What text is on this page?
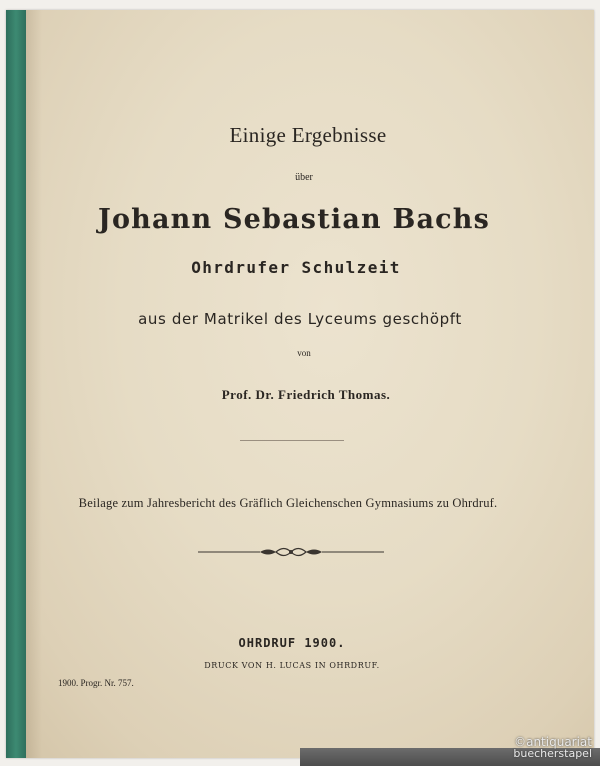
Einige Ergebnisse
über
Johann Sebastian Bachs
Ohrdrufer Schulzeit
aus der Matrikel des Lyceums geschöpft
von
Prof. Dr. Friedrich Thomas.
Beilage zum Jahresbericht des Gräflich Gleichenschen Gymnasiums zu Ohrdruf.
OHRDRUF 1900.
DRUCK VON H. LUCAS IN OHRDRUF.
1900. Progr. Nr. 757.
©antiquariat
buecherstapel
